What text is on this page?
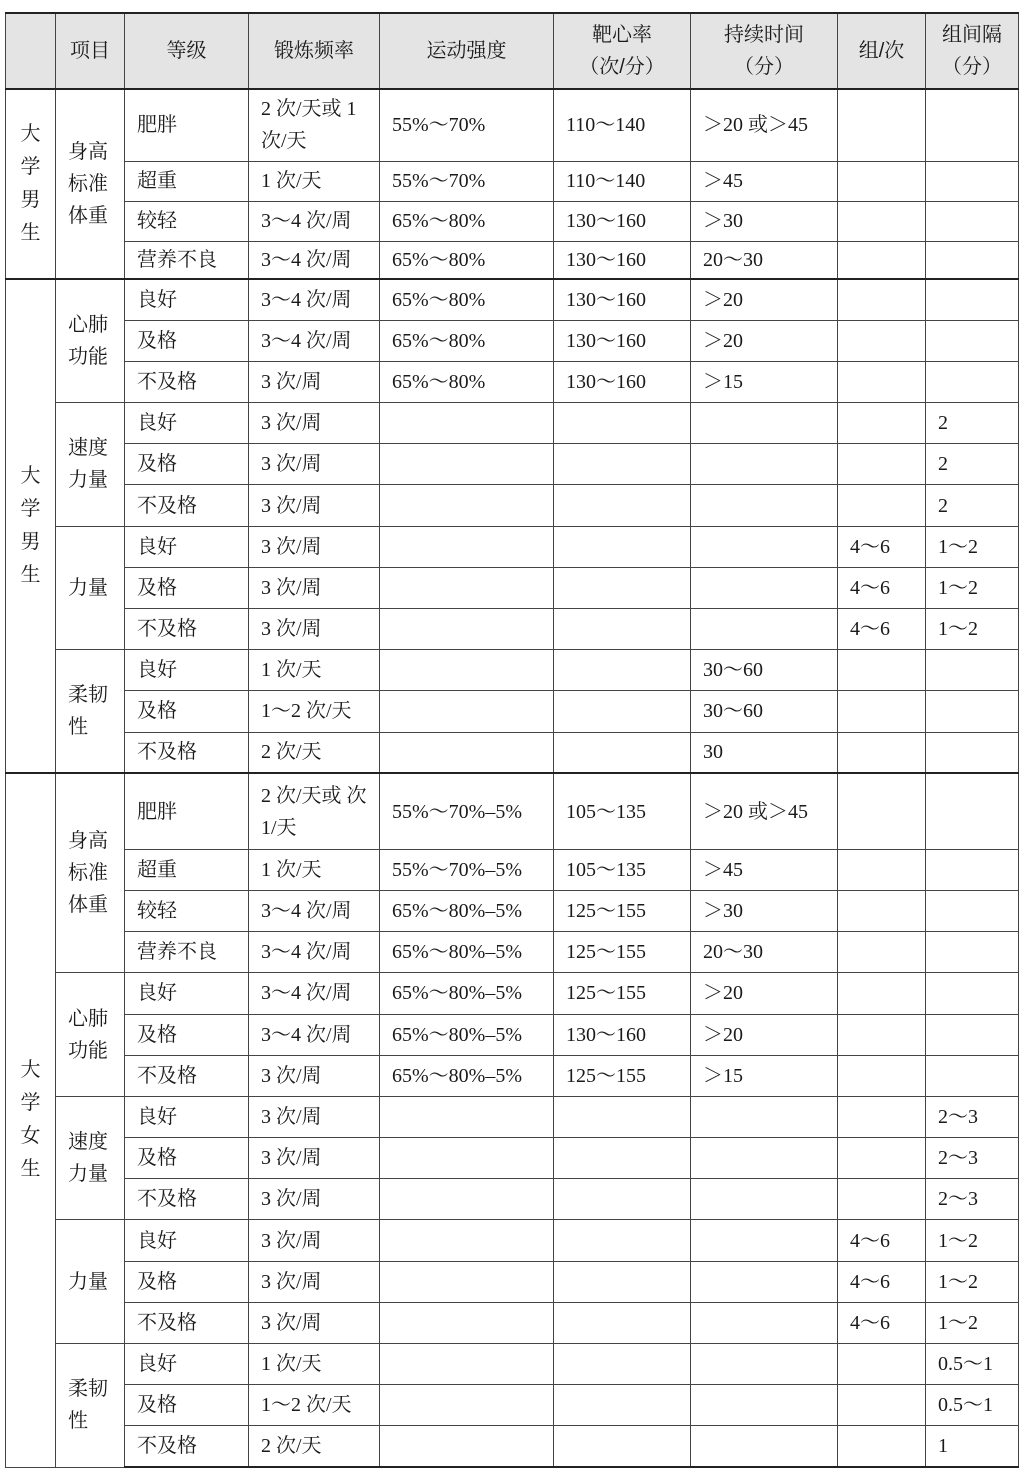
	项目	等级	锻炼频率	运动强度	靶心率（次/分）	持续时间（分）	组/次	组间隔（分）
大学男生	身高标准体重	肥胖	2 次/天或 1 次/天	55%～70%	110～140	＞20 或＞45		
		超重	1 次/天	55%～70%	110～140	＞45		
		较轻	3～4 次/周	65%～80%	130～160	＞30		
		营养不良	3～4 次/周	65%～80%	130～160	20～30		
大学男生	心肺功能	良好	3～4 次/周	65%～80%	130～160	＞20		
		及格	3～4 次/周	65%～80%	130～160	＞20		
		不及格	3 次/周	65%～80%	130～160	＞15		
	速度力量	良好	3 次/周					2
		及格	3 次/周					2
		不及格	3 次/周					2
	力量	良好	3 次/周				4～6	1～2
		及格	3 次/周				4～6	1～2
		不及格	3 次/周				4～6	1～2
	柔韧性	良好	1 次/天			30～60		
		及格	1～2 次/天			30～60		
		不及格	2 次/天			30		
大学女生	身高标准体重	肥胖	2 次/天或 次 1/天	55%～70%–5%	105～135	＞20 或＞45		
		超重	1 次/天	55%～70%–5%	105～135	＞45		
		较轻	3～4 次/周	65%～80%–5%	125～155	＞30		
		营养不良	3～4 次/周	65%～80%–5%	125～155	20～30		
	心肺功能	良好	3～4 次/周	65%～80%–5%	125～155	＞20		
		及格	3～4 次/周	65%～80%–5%	130～160	＞20		
		不及格	3 次/周	65%～80%–5%	125～155	＞15		
	速度力量	良好	3 次/周					2～3
		及格	3 次/周					2～3
		不及格	3 次/周					2～3
	力量	良好	3 次/周				4～6	1～2
		及格	3 次/周				4～6	1～2
		不及格	3 次/周				4～6	1～2
	柔韧性	良好	1 次/天					0.5～1
		及格	1～2 次/天					0.5～1
		不及格	2 次/天					1
